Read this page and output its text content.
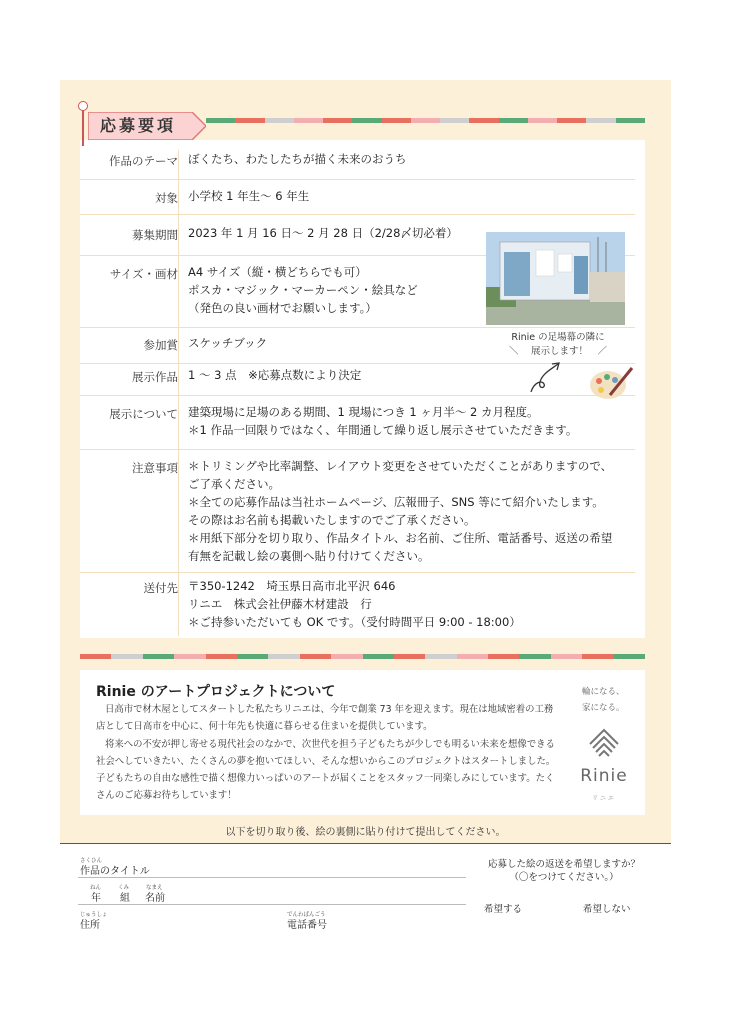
応募要項
作品のテーマ ぼくたち、わたしたちが描く未来のおうち
対象 小学校 1 年生〜 6 年生
募集期間 2023 年 1 月 16 日〜 2 月 28 日（2/28〆切必着）
サイズ・画材 A4 サイズ（縦・横どちらでも可）
ポスカ・マジック・マーカーペン・絵具など
（発色の良い画材でお願いします。）
参加賞 スケッチブック
展示作品 1 〜 3 点　※応募点数により決定
展示について 建築現場に足場のある期間、1 現場につき 1 ヶ月半〜 2 カ月程度。
＊1 作品一回限りではなく、年間通して繰り返し展示させていただきます。
注意事項 ＊トリミングや比率調整、レイアウト変更をさせていただくことがありますので、
ご了承ください。
＊全ての応募作品は当社ホームページ、広報冊子、SNS 等にて紹介いたします。
その際はお名前も掲載いたしますのでご了承ください。
＊用紙下部分を切り取り、作品タイトル、お名前、ご住所、電話番号、返送の希望
有無を記載し絵の裏側へ貼り付けてください。
送付先 〒350-1242　埼玉県日高市北平沢 646
リニエ　株式会社伊藤木材建設　行
＊ご持参いただいても OK です。（受付時間平日 9:00 - 18:00）
Rinie の足場幕の隣に
＼　 展示します！　／
Rinie のアートプロジェクトについて

日高市で材木屋としてスタートした私たちリニエは、今年で創業 73 年を迎えます。現在は地域密着の工務店として日高市を中心に、何十年先も快適に暮らせる住まいを提供しています。

将来への不安が押し寄せる現代社会のなかで、次世代を担う子どもたちが少しでも明るい未来を想像できる社会へしていきたい、たくさんの夢を抱いてほしい、そんな想いからこのプロジェクトはスタートしました。子どもたちの自由な感性で描く想像力いっぱいのアートが届くことをスタッフ一同楽しみにしています。たくさんのご応募お待ちしています！

輪になる、
家になる。
Rinie
リニエ
以下を切り取り後、絵の裏側に貼り付けて提出してください。
さくひん
作品のタイトル
ねん	くみ	なまえ
年 組 名前
じゅうしょ
住所
でんわばんごう
電話番号
応募した絵の返送を希望しますか？
（〇をつけてください。）
希望する	希望しない
